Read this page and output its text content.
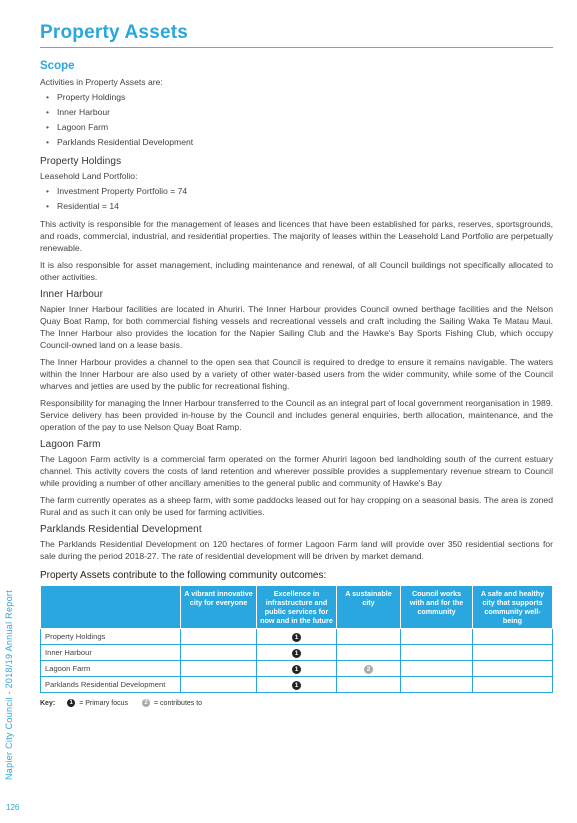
Property Assets
Scope

Activities in Property Assets are:

• Property Holdings
• Inner Harbour
• Lagoon Farm
• Parklands Residential Development
Property Holdings

Leasehold Land Portfolio:

• Investment Property Portfolio = 74
• Residential = 14

This activity is responsible for the management of leases and licences that have been established for parks, reserves, sportsgrounds, and roads, commercial, industrial, and residential properties. The majority of leases within the Leasehold Land Portfolio are perpetually renewable.

It is also responsible for asset management, including maintenance and renewal, of all Council buildings not specifically allocated to other activities.

Inner Harbour

Napier Inner Harbour facilities are located in Ahuriri. The Inner Harbour provides Council owned berthage facilities and the Nelson Quay Boat Ramp, for both commercial fishing vessels and recreational vessels and craft including the Sailing Waka Te Matau Maui. The Inner Harbour also provides the location for the Napier Sailing Club and the Hawke's Bay Sports Fishing Club, which occupy Council-owned land on a lease basis.

The Inner Harbour provides a channel to the open sea that Council is required to dredge to ensure it remains navigable. The waters within the Inner Harbour are also used by a variety of other water-based users from the wider community, while some of the Council wharves and jetties are used by the public for recreational fishing.

Responsibility for managing the Inner Harbour transferred to the Council as an integral part of local government reorganisation in 1989. Service delivery has been provided in-house by the Council and includes general enquiries, berth allocation, maintenance, and the operation of the pay to use Nelson Quay Boat Ramp.

Lagoon Farm

The Lagoon Farm activity is a commercial farm operated on the former Ahuriri lagoon bed landholding south of the current estuary channel. This activity covers the costs of land retention and wherever possible provides a supplementary revenue stream to Council while providing a number of other ancillary amenities to the general public and community of Hawke's Bay

The farm currently operates as a sheep farm, with some paddocks leased out for hay cropping on a seasonal basis. The area is zoned Rural and as such it can only be used for farming activities.

Parklands Residential Development

The Parklands Residential Development on 120 hectares of former Lagoon Farm land will provide over 350 residential sections for sale during the period 2018-27. The rate of residential development will be driven by market demand.

Property Assets contribute to the following community outcomes:
	A vibrant innovative city for everyone	Excellence in infrastructure and public services for now and in the future	A sustainable city	Council works with and for the community	A safe and healthy city that supports community well-being
Property Holdings		1			
Inner Harbour		1			
Lagoon Farm		1	2		
Parklands Residential Development		1			
Key:	1 = Primary focus	2 = contributes to
Napier City Council - 2018/19 Annual Report
126
